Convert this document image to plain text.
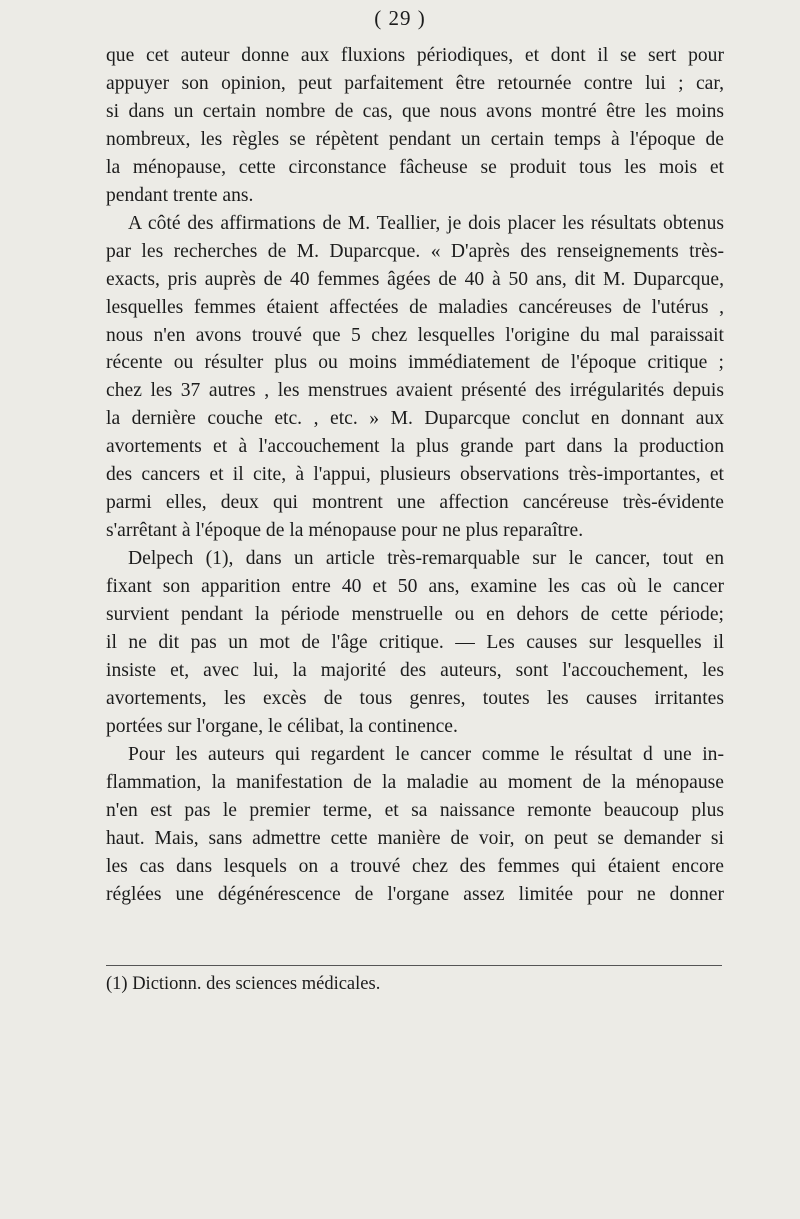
( 29 )
que cet auteur donne aux fluxions périodiques, et dont il se sert pour
appuyer son opinion, peut parfaitement être retournée contre lui ; car,
si dans un certain nombre de cas, que nous avons montré être les moins
nombreux, les règles se répètent pendant un certain temps à l'époque de
la ménopause, cette circonstance fâcheuse se produit tous les mois et
pendant trente ans.
A côté des affirmations de M. Teallier, je dois placer les résultats obtenus
par les recherches de M. Duparcque. « D'après des renseignements très-
exacts, pris auprès de 40 femmes âgées de 40 à 50 ans, dit M. Duparcque,
lesquelles femmes étaient affectées de maladies cancéreuses de l'utérus ,
nous n'en avons trouvé que 5 chez lesquelles l'origine du mal paraissait
récente ou résulter plus ou moins immédiatement de l'époque critique ;
chez les 37 autres , les menstrues avaient présenté des irrégularités depuis
la dernière couche etc. , etc. » M. Duparcque conclut en donnant aux
avortements et à l'accouchement la plus grande part dans la production
des cancers et il cite, à l'appui, plusieurs observations très-importantes, et
parmi elles, deux qui montrent une affection cancéreuse très-évidente
s'arrêtant à l'époque de la ménopause pour ne plus reparaître.
Delpech (1), dans un article très-remarquable sur le cancer, tout en
fixant son apparition entre 40 et 50 ans, examine les cas où le cancer
survient pendant la période menstruelle ou en dehors de cette période;
il ne dit pas un mot de l'âge critique. — Les causes sur lesquelles il
insiste et, avec lui, la majorité des auteurs, sont l'accouchement, les
avortements, les excès de tous genres, toutes les causes irritantes
portées sur l'organe, le célibat, la continence.
Pour les auteurs qui regardent le cancer comme le résultat d une in-
flammation, la manifestation de la maladie au moment de la ménopause
n'en est pas le premier terme, et sa naissance remonte beaucoup plus
haut. Mais, sans admettre cette manière de voir, on peut se demander si
les cas dans lesquels on a trouvé chez des femmes qui étaient encore
réglées une dégénérescence de l'organe assez limitée pour ne donner
(1) Dictionn. des sciences médicales.
